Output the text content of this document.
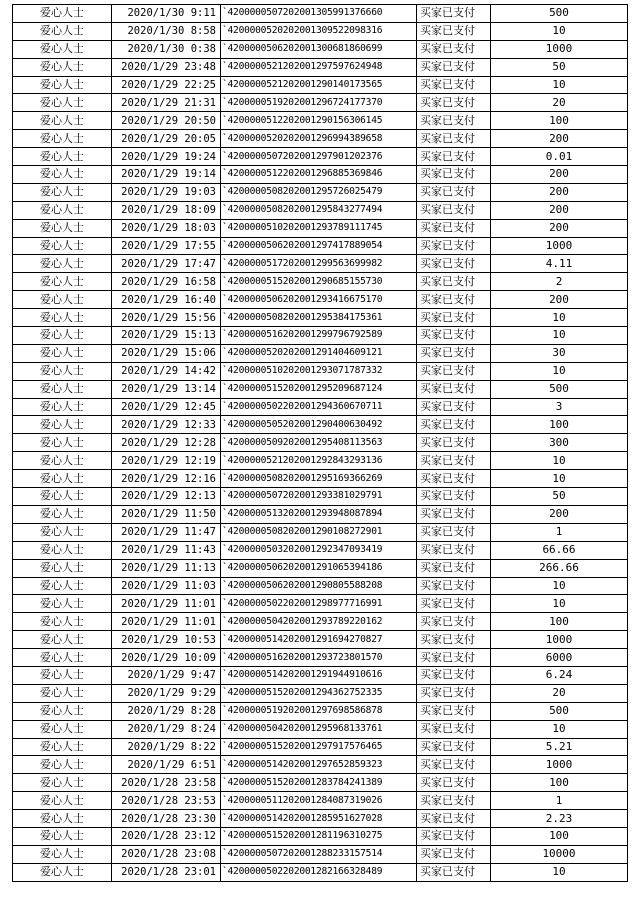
爱心人士	2020/1/30 9:11	`4200000507202001305991376660	买家已支付	500
爱心人士	2020/1/30 8:58	`4200000520202001309522098316	买家已支付	10
爱心人士	2020/1/30 0:38	`4200000506202001300681860699	买家已支付	1000
爱心人士	2020/1/29 23:48	`4200000521202001297597624948	买家已支付	50
爱心人士	2020/1/29 22:25	`4200000521202001290140173565	买家已支付	10
爱心人士	2020/1/29 21:31	`4200000519202001296724177370	买家已支付	20
爱心人士	2020/1/29 20:50	`4200000512202001290156306145	买家已支付	100
爱心人士	2020/1/29 20:05	`4200000520202001296994389658	买家已支付	200
爱心人士	2020/1/29 19:24	`4200000507202001297901202376	买家已支付	0.01
爱心人士	2020/1/29 19:14	`4200000512202001296885369846	买家已支付	200
爱心人士	2020/1/29 19:03	`4200000508202001295726025479	买家已支付	200
爱心人士	2020/1/29 18:09	`4200000508202001295843277494	买家已支付	200
爱心人士	2020/1/29 18:03	`4200000510202001293789111745	买家已支付	200
爱心人士	2020/1/29 17:55	`4200000506202001297417889054	买家已支付	1000
爱心人士	2020/1/29 17:47	`4200000517202001299563699982	买家已支付	4.11
爱心人士	2020/1/29 16:58	`4200000515202001290685155730	买家已支付	2
爱心人士	2020/1/29 16:40	`4200000506202001293416675170	买家已支付	200
爱心人士	2020/1/29 15:56	`4200000508202001295384175361	买家已支付	10
爱心人士	2020/1/29 15:13	`4200000516202001299796792589	买家已支付	10
爱心人士	2020/1/29 15:06	`4200000520202001291404609121	买家已支付	30
爱心人士	2020/1/29 14:42	`4200000510202001293071787332	买家已支付	10
爱心人士	2020/1/29 13:14	`4200000515202001295209687124	买家已支付	500
爱心人士	2020/1/29 12:45	`4200000502202001294360670711	买家已支付	3
爱心人士	2020/1/29 12:33	`4200000505202001290400630492	买家已支付	100
爱心人士	2020/1/29 12:28	`4200000509202001295408113563	买家已支付	300
爱心人士	2020/1/29 12:19	`4200000521202001292843293136	买家已支付	10
爱心人士	2020/1/29 12:16	`4200000508202001295169366269	买家已支付	10
爱心人士	2020/1/29 12:13	`4200000507202001293381029791	买家已支付	50
爱心人士	2020/1/29 11:50	`4200000513202001293948087894	买家已支付	200
爱心人士	2020/1/29 11:47	`4200000508202001290108272901	买家已支付	1
爱心人士	2020/1/29 11:43	`4200000503202001292347093419	买家已支付	66.66
爱心人士	2020/1/29 11:13	`4200000506202001291065394186	买家已支付	266.66
爱心人士	2020/1/29 11:03	`4200000506202001290805588208	买家已支付	10
爱心人士	2020/1/29 11:01	`4200000502202001298977716991	买家已支付	10
爱心人士	2020/1/29 11:01	`4200000504202001293789220162	买家已支付	100
爱心人士	2020/1/29 10:53	`4200000514202001291694270827	买家已支付	1000
爱心人士	2020/1/29 10:09	`4200000516202001293723801570	买家已支付	6000
爱心人士	2020/1/29 9:47	`4200000514202001291944910616	买家已支付	6.24
爱心人士	2020/1/29 9:29	`4200000515202001294362752335	买家已支付	20
爱心人士	2020/1/29 8:28	`4200000519202001297698586878	买家已支付	500
爱心人士	2020/1/29 8:24	`4200000504202001295968133761	买家已支付	10
爱心人士	2020/1/29 8:22	`4200000515202001297917576465	买家已支付	5.21
爱心人士	2020/1/29 6:51	`4200000514202001297652859323	买家已支付	1000
爱心人士	2020/1/28 23:58	`4200000515202001283784241389	买家已支付	100
爱心人士	2020/1/28 23:53	`4200000511202001284087319026	买家已支付	1
爱心人士	2020/1/28 23:30	`4200000514202001285951627028	买家已支付	2.23
爱心人士	2020/1/28 23:12	`4200000515202001281196310275	买家已支付	100
爱心人士	2020/1/28 23:08	`4200000507202001288233157514	买家已支付	10000
爱心人士	2020/1/28 23:01	`4200000502202001282166328489	买家已支付	10
